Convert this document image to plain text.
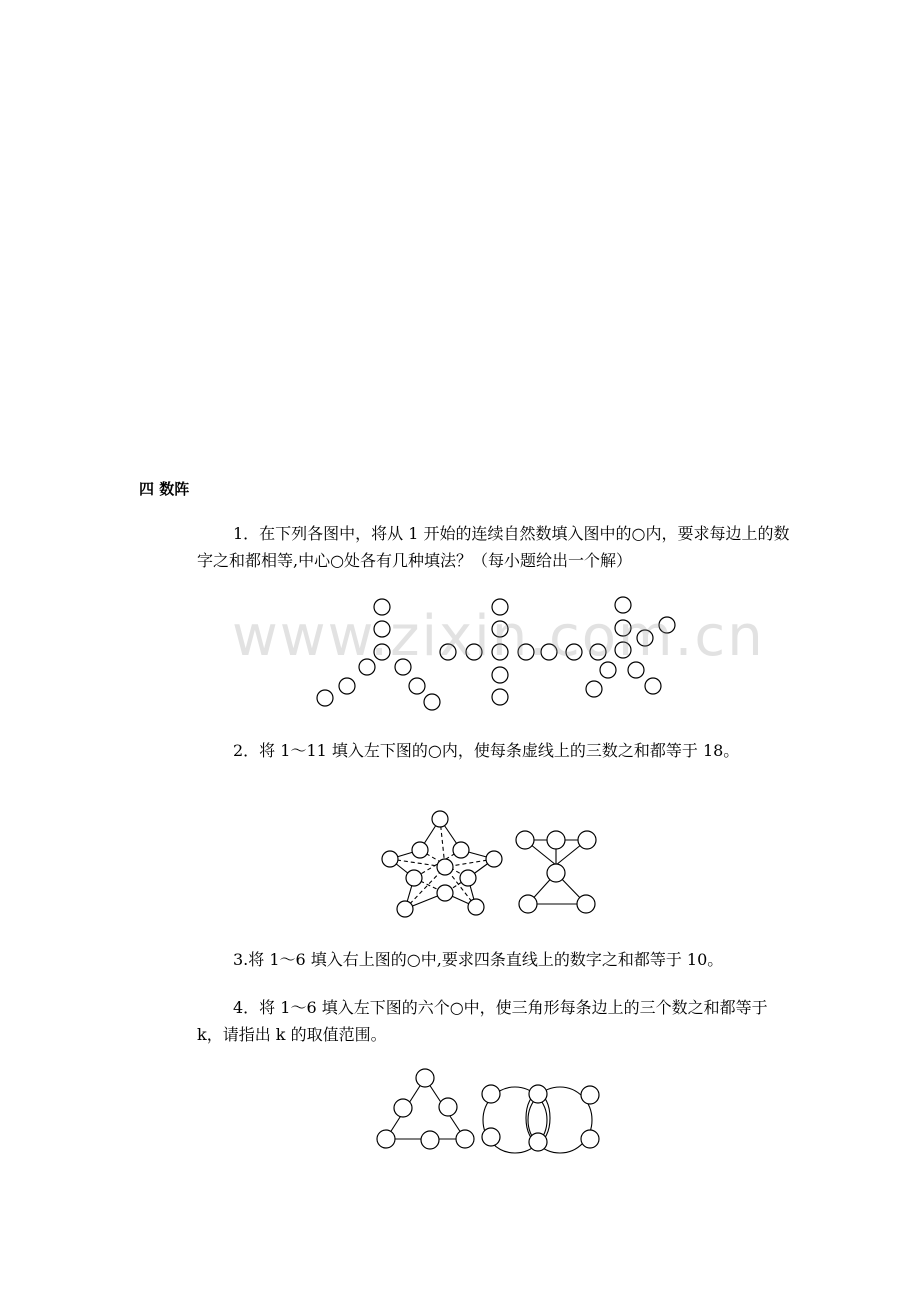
四 数阵
1．在下列各图中，将从 1 开始的连续自然数填入图中的○内，要求每边上的数字之和都相等,中心○处各有几种填法？（每小题给出一个解）
www.zixin.com.cn
2．将 1～11 填入左下图的○内，使每条虚线上的三数之和都等于 18。
3.将 1～6 填入右上图的○中,要求四条直线上的数字之和都等于 10。
4．将 1～6 填入左下图的六个○中，使三角形每条边上的三个数之和都等于 k，请指出 k 的取值范围。
